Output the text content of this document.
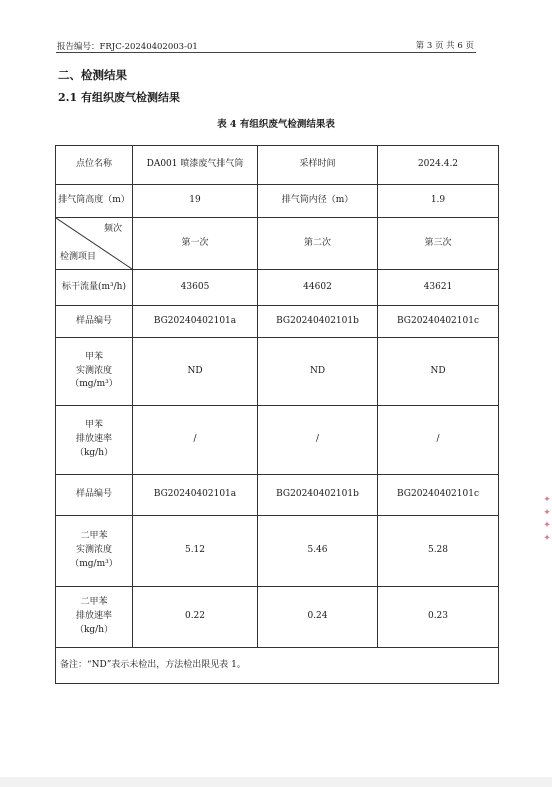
报告编号：FRJC-20240402003-01	第 3 页 共 6 页
二、检测结果
2.1 有组织废气检测结果
表 4 有组织废气检测结果表
点位名称	DA001 喷漆废气排气筒	采样时间	2024.4.2
排气筒高度（m）	19	排气筒内径（m）	1.9

频次
检测项目	第一次	第二次	第三次
标干流量(m³/h)	43605	44602	43621
样品编号	BG20240402101a	BG20240402101b	BG20240402101c

甲苯
实测浓度
（mg/m³）	ND	ND	ND

甲苯
排放速率
（kg/h）	/	/	/
样品编号	BG20240402101a	BG20240402101b	BG20240402101c

二甲苯
实测浓度
（mg/m³）	5.12	5.46	5.28

二甲苯
排放速率
（kg/h）	0.22	0.24	0.23
备注：“ND”表示未检出，方法检出限见表 1。			
✦ ✦ ✦ ✦
